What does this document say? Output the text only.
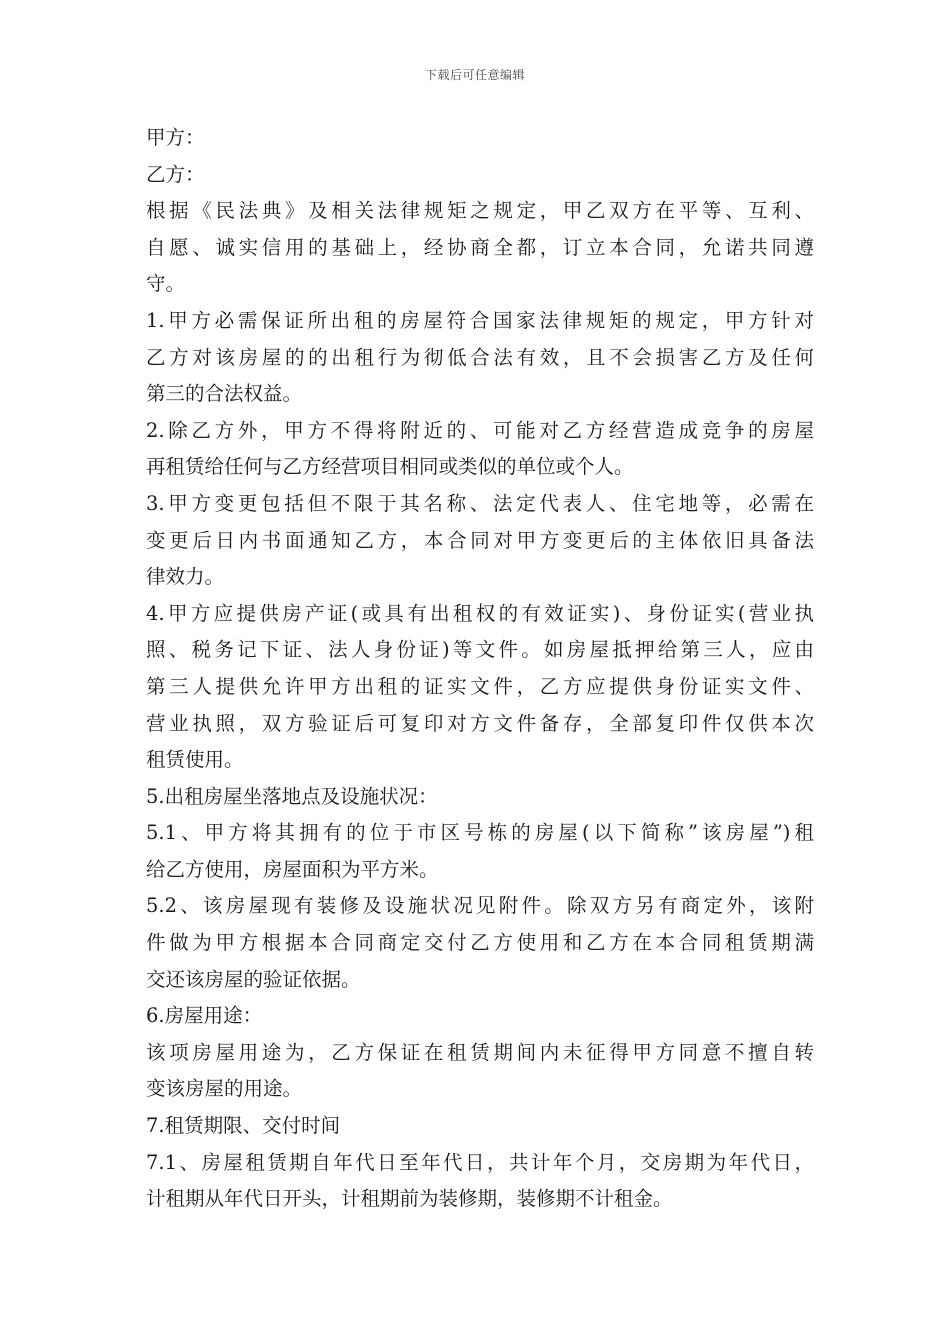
下载后可任意编辑
甲方：
乙方：
根据《民法典》及相关法律规矩之规定，甲乙双方在平等、互利、
自愿、诚实信用的基础上，经协商全都，订立本合同，允诺共同遵
守。
1.甲方必需保证所出租的房屋符合国家法律规矩的规定，甲方针对
乙方对该房屋的的出租行为彻低合法有效，且不会损害乙方及任何
第三的合法权益。
2.除乙方外，甲方不得将附近的、可能对乙方经营造成竞争的房屋
再租赁给任何与乙方经营项目相同或类似的单位或个人。
3.甲方变更包括但不限于其名称、法定代表人、住宅地等，必需在
变更后日内书面通知乙方，本合同对甲方变更后的主体依旧具备法
律效力。
4.甲方应提供房产证(或具有出租权的有效证实)、身份证实(营业执
照、税务记下证、法人身份证)等文件。如房屋抵押给第三人，应由
第三人提供允许甲方出租的证实文件，乙方应提供身份证实文件、
营业执照，双方验证后可复印对方文件备存，全部复印件仅供本次
租赁使用。
5.出租房屋坐落地点及设施状况：
5.1、甲方将其拥有的位于市区号栋的房屋(以下简称”该房屋”)租
给乙方使用，房屋面积为平方米。
5.2、该房屋现有装修及设施状况见附件。除双方另有商定外，该附
件做为甲方根据本合同商定交付乙方使用和乙方在本合同租赁期满
交还该房屋的验证依据。
6.房屋用途：
该项房屋用途为，乙方保证在租赁期间内未征得甲方同意不擅自转
变该房屋的用途。
7.租赁期限、交付时间
7.1、房屋租赁期自年代日至年代日，共计年个月，交房期为年代日，
计租期从年代日开头，计租期前为装修期，装修期不计租金。
